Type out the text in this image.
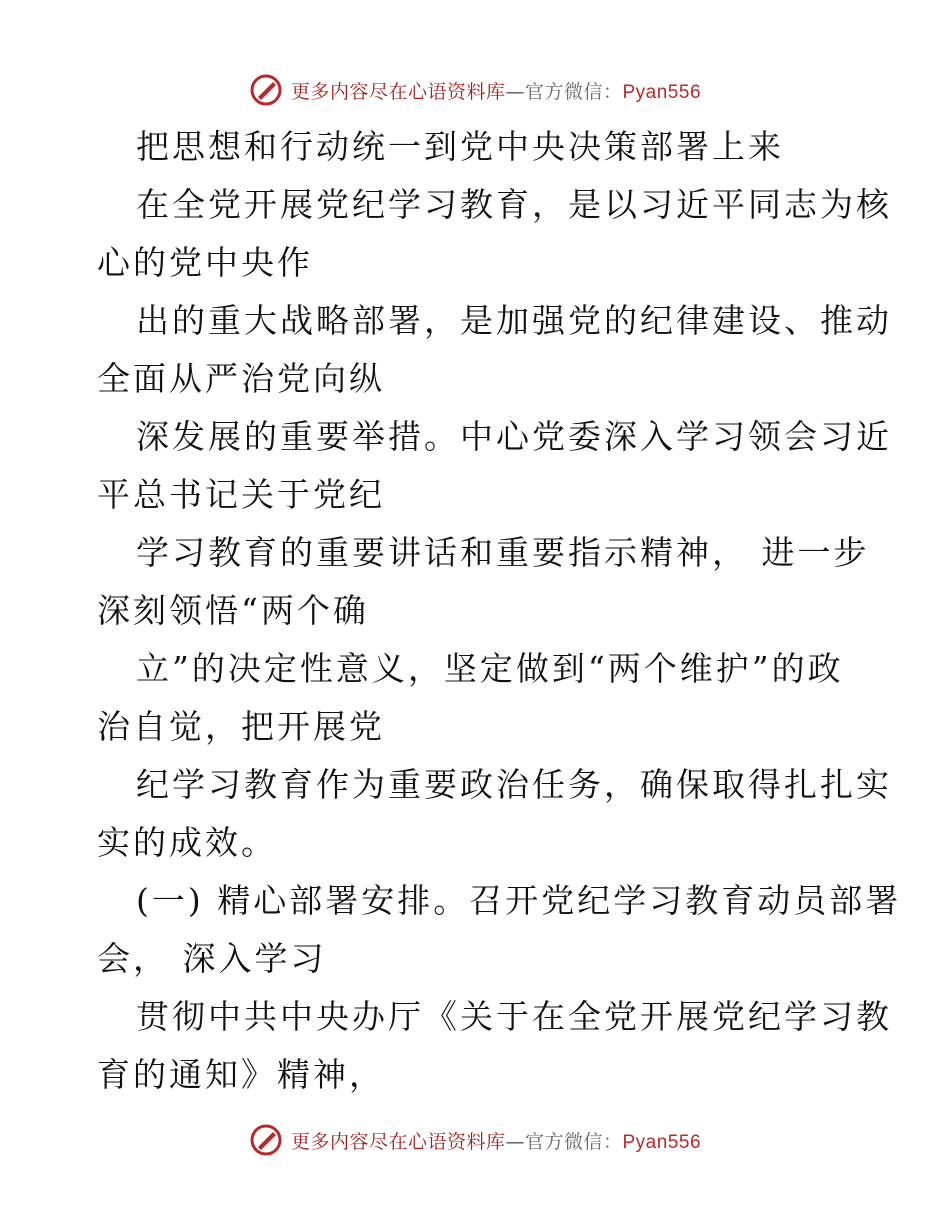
更多内容尽在心语资料库—官方微信：Pyan556
把思想和行动统一到党中央决策部署上来
在全党开展党纪学习教育，是以习近平同志为核
心的党中央作
出的重大战略部署，是加强党的纪律建设、推动
全面从严治党向纵
深发展的重要举措。中心党委深入学习领会习近
平总书记关于党纪
学习教育的重要讲话和重要指示精神， 进一步
深刻领悟“两个确
立”的决定性意义，坚定做到“两个维护”的政
治自觉，把开展党
纪学习教育作为重要政治任务，确保取得扎扎实
实的成效。
(一) 精心部署安排。召开党纪学习教育动员部署
会， 深入学习
贯彻中共中央办厅《关于在全党开展党纪学习教
育的通知》精神，
更多内容尽在心语资料库—官方微信：Pyan556
